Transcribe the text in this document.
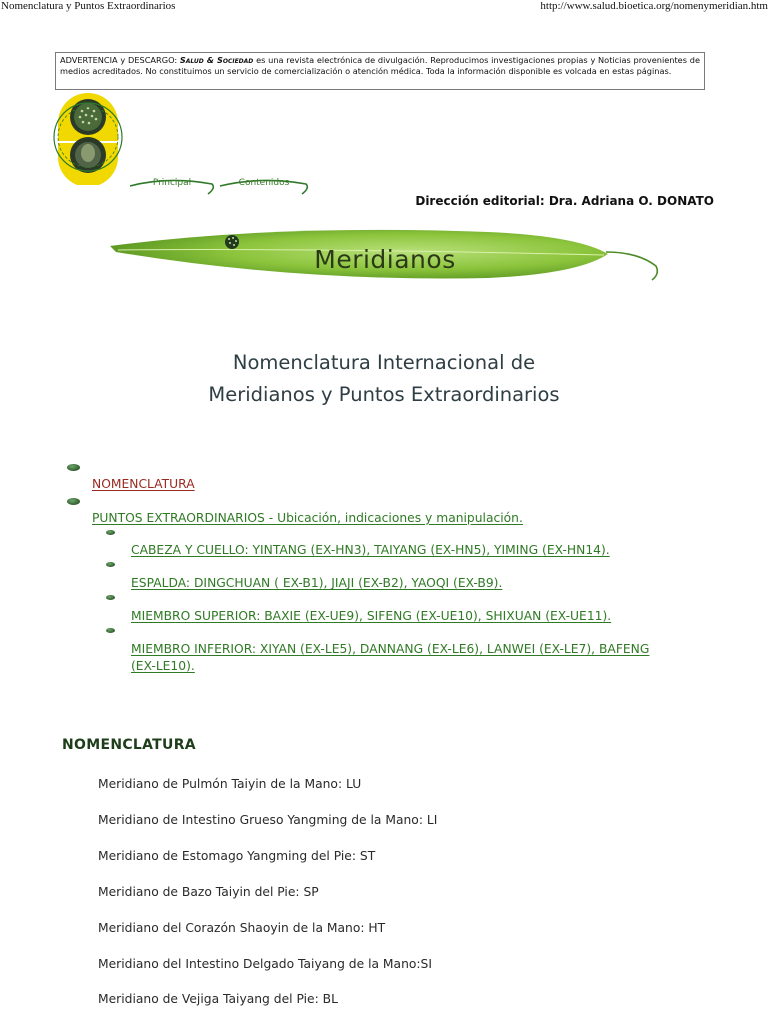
Nomenclatura y Puntos Extraordinarios	http://www.salud.bioetica.org/nomenymeridian.htm
ADVERTENCIA y DESCARGO: Salud & Sociedad es una revista electrónica de divulgación. Reproducimos investigaciones propias y Noticias provenientes de medios acreditados. No constituimos un servicio de comercialización o atención médica. Toda la información disponible es volcada en estas páginas.
Principal	Contenidos
Dirección editorial: Dra. Adriana O. DONATO
Meridianos
Nomenclatura Internacional de
Meridianos y Puntos Extraordinarios
NOMENCLATURA
PUNTOS EXTRAORDINARIOS - Ubicación, indicaciones y manipulación.
CABEZA Y CUELLO: YINTANG (EX-HN3), TAIYANG (EX-HN5), YIMING (EX-HN14).
ESPALDA: DINGCHUAN ( EX-B1), JIAJI (EX-B2), YAOQI (EX-B9).
MIEMBRO SUPERIOR: BAXIE (EX-UE9), SIFENG (EX-UE10), SHIXUAN (EX-UE11).
MIEMBRO INFERIOR: XIYAN (EX-LE5), DANNANG (EX-LE6), LANWEI (EX-LE7), BAFENG
(EX-LE10).
NOMENCLATURA
Meridiano de Pulmón Taiyin de la Mano: LU
Meridiano de Intestino Grueso Yangming de la Mano: LI
Meridiano de Estomago Yangming del Pie: ST
Meridiano de Bazo Taiyin del Pie: SP
Meridiano del Corazón Shaoyin de la Mano: HT
Meridiano del Intestino Delgado Taiyang de la Mano:SI
Meridiano de Vejiga Taiyang del Pie: BL
